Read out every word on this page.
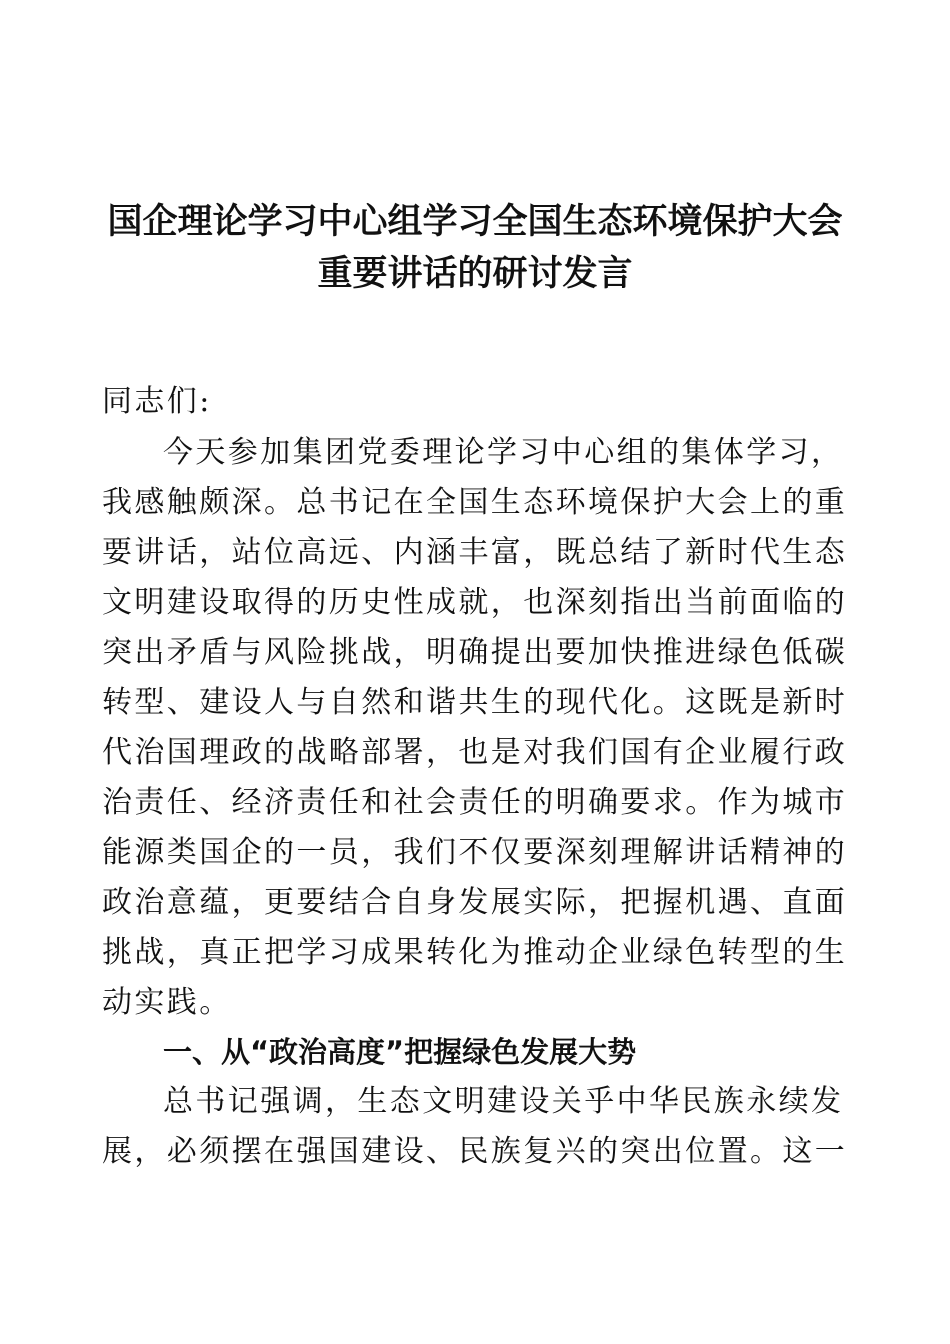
国企理论学习中心组学习全国生态环境保护大会
重要讲话的研讨发言

同志们:

今天参加集团党委理论学习中心组的集体学习，

我感触颇深。总书记在全国生态环境保护大会上的重

要讲话，站位高远、内涵丰富，既总结了新时代生态

文明建设取得的历史性成就，也深刻指出当前面临的

突出矛盾与风险挑战，明确提出要加快推进绿色低碳

转型、建设人与自然和谐共生的现代化。这既是新时

代治国理政的战略部署，也是对我们国有企业履行政

治责任、经济责任和社会责任的明确要求。作为城市

能源类国企的一员，我们不仅要深刻理解讲话精神的

政治意蕴，更要结合自身发展实际，把握机遇、直面

挑战，真正把学习成果转化为推动企业绿色转型的生

动实践。

一、从“政治高度”把握绿色发展大势

总书记强调，生态文明建设关乎中华民族永续发

展，必须摆在强国建设、民族复兴的突出位置。这一
